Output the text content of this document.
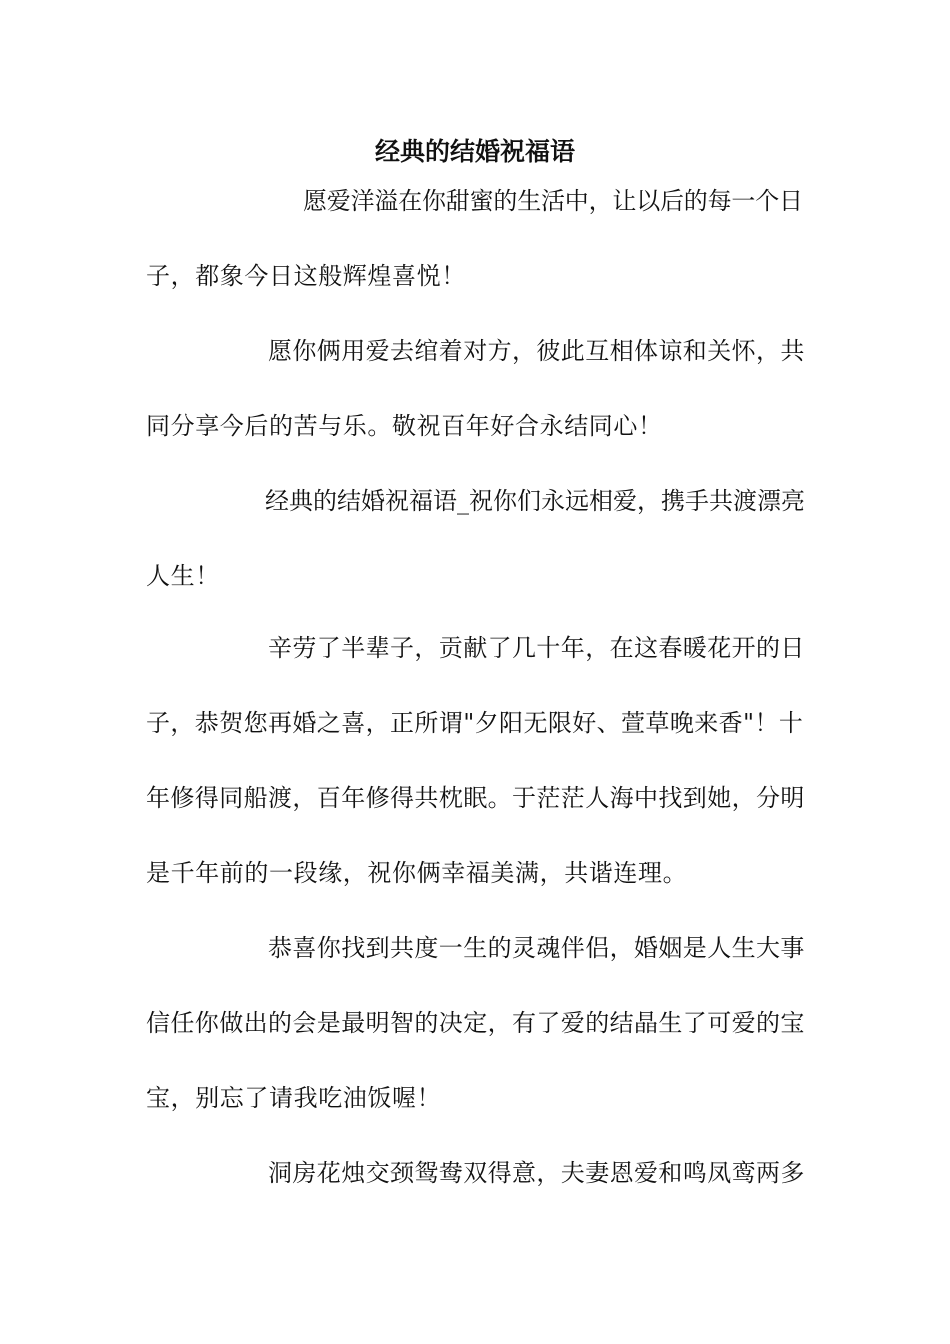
经典的结婚祝福语
愿爱洋溢在你甜蜜的生活中，让以后的每一个日
子，都象今日这般辉煌喜悦！
愿你俩用爱去绾着对方，彼此互相体谅和关怀，共
同分享今后的苦与乐。敬祝百年好合永结同心！
经典的结婚祝福语_祝你们永远相爱，携手共渡漂亮
人生！
辛劳了半辈子，贡献了几十年，在这春暖花开的日
子，恭贺您再婚之喜，正所谓"夕阳无限好、萱草晚来香"！十
年修得同船渡，百年修得共枕眠。于茫茫人海中找到她，分明
是千年前的一段缘，祝你俩幸福美满，共谐连理。
恭喜你找到共度一生的灵魂伴侣，婚姻是人生大事
信任你做出的会是最明智的决定，有了爱的结晶生了可爱的宝
宝，别忘了请我吃油饭喔！
洞房花烛交颈鸳鸯双得意，夫妻恩爱和鸣凤鸾两多
